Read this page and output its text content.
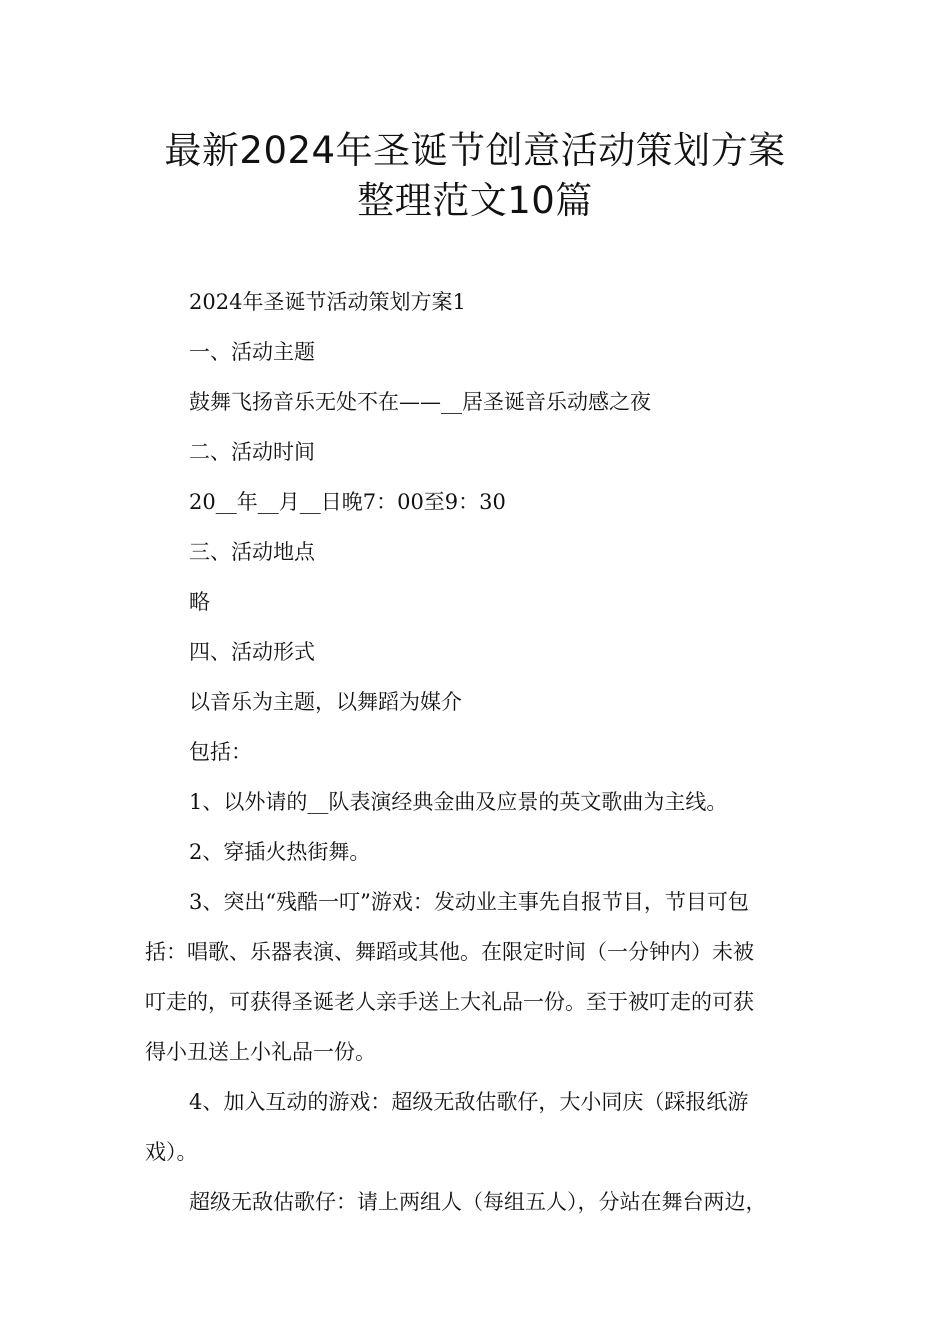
最新2024年圣诞节创意活动策划方案
整理范文10篇

2024年圣诞节活动策划方案1

一、活动主题

鼓舞飞扬音乐无处不在——__居圣诞音乐动感之夜

二、活动时间

20__年__月__日晚7：00至9：30

三、活动地点

略

四、活动形式

以音乐为主题，以舞蹈为媒介

包括：

1、以外请的__队表演经典金曲及应景的英文歌曲为主线。

2、穿插火热街舞。

3、突出“残酷一叮”游戏：发动业主事先自报节目，节目可包
括：唱歌、乐器表演、舞蹈或其他。在限定时间（一分钟内）未被
叮走的，可获得圣诞老人亲手送上大礼品一份。至于被叮走的可获
得小丑送上小礼品一份。

4、加入互动的游戏：超级无敌估歌仔，大小同庆（踩报纸游
戏）。

超级无敌估歌仔：请上两组人（每组五人），分站在舞台两边，
